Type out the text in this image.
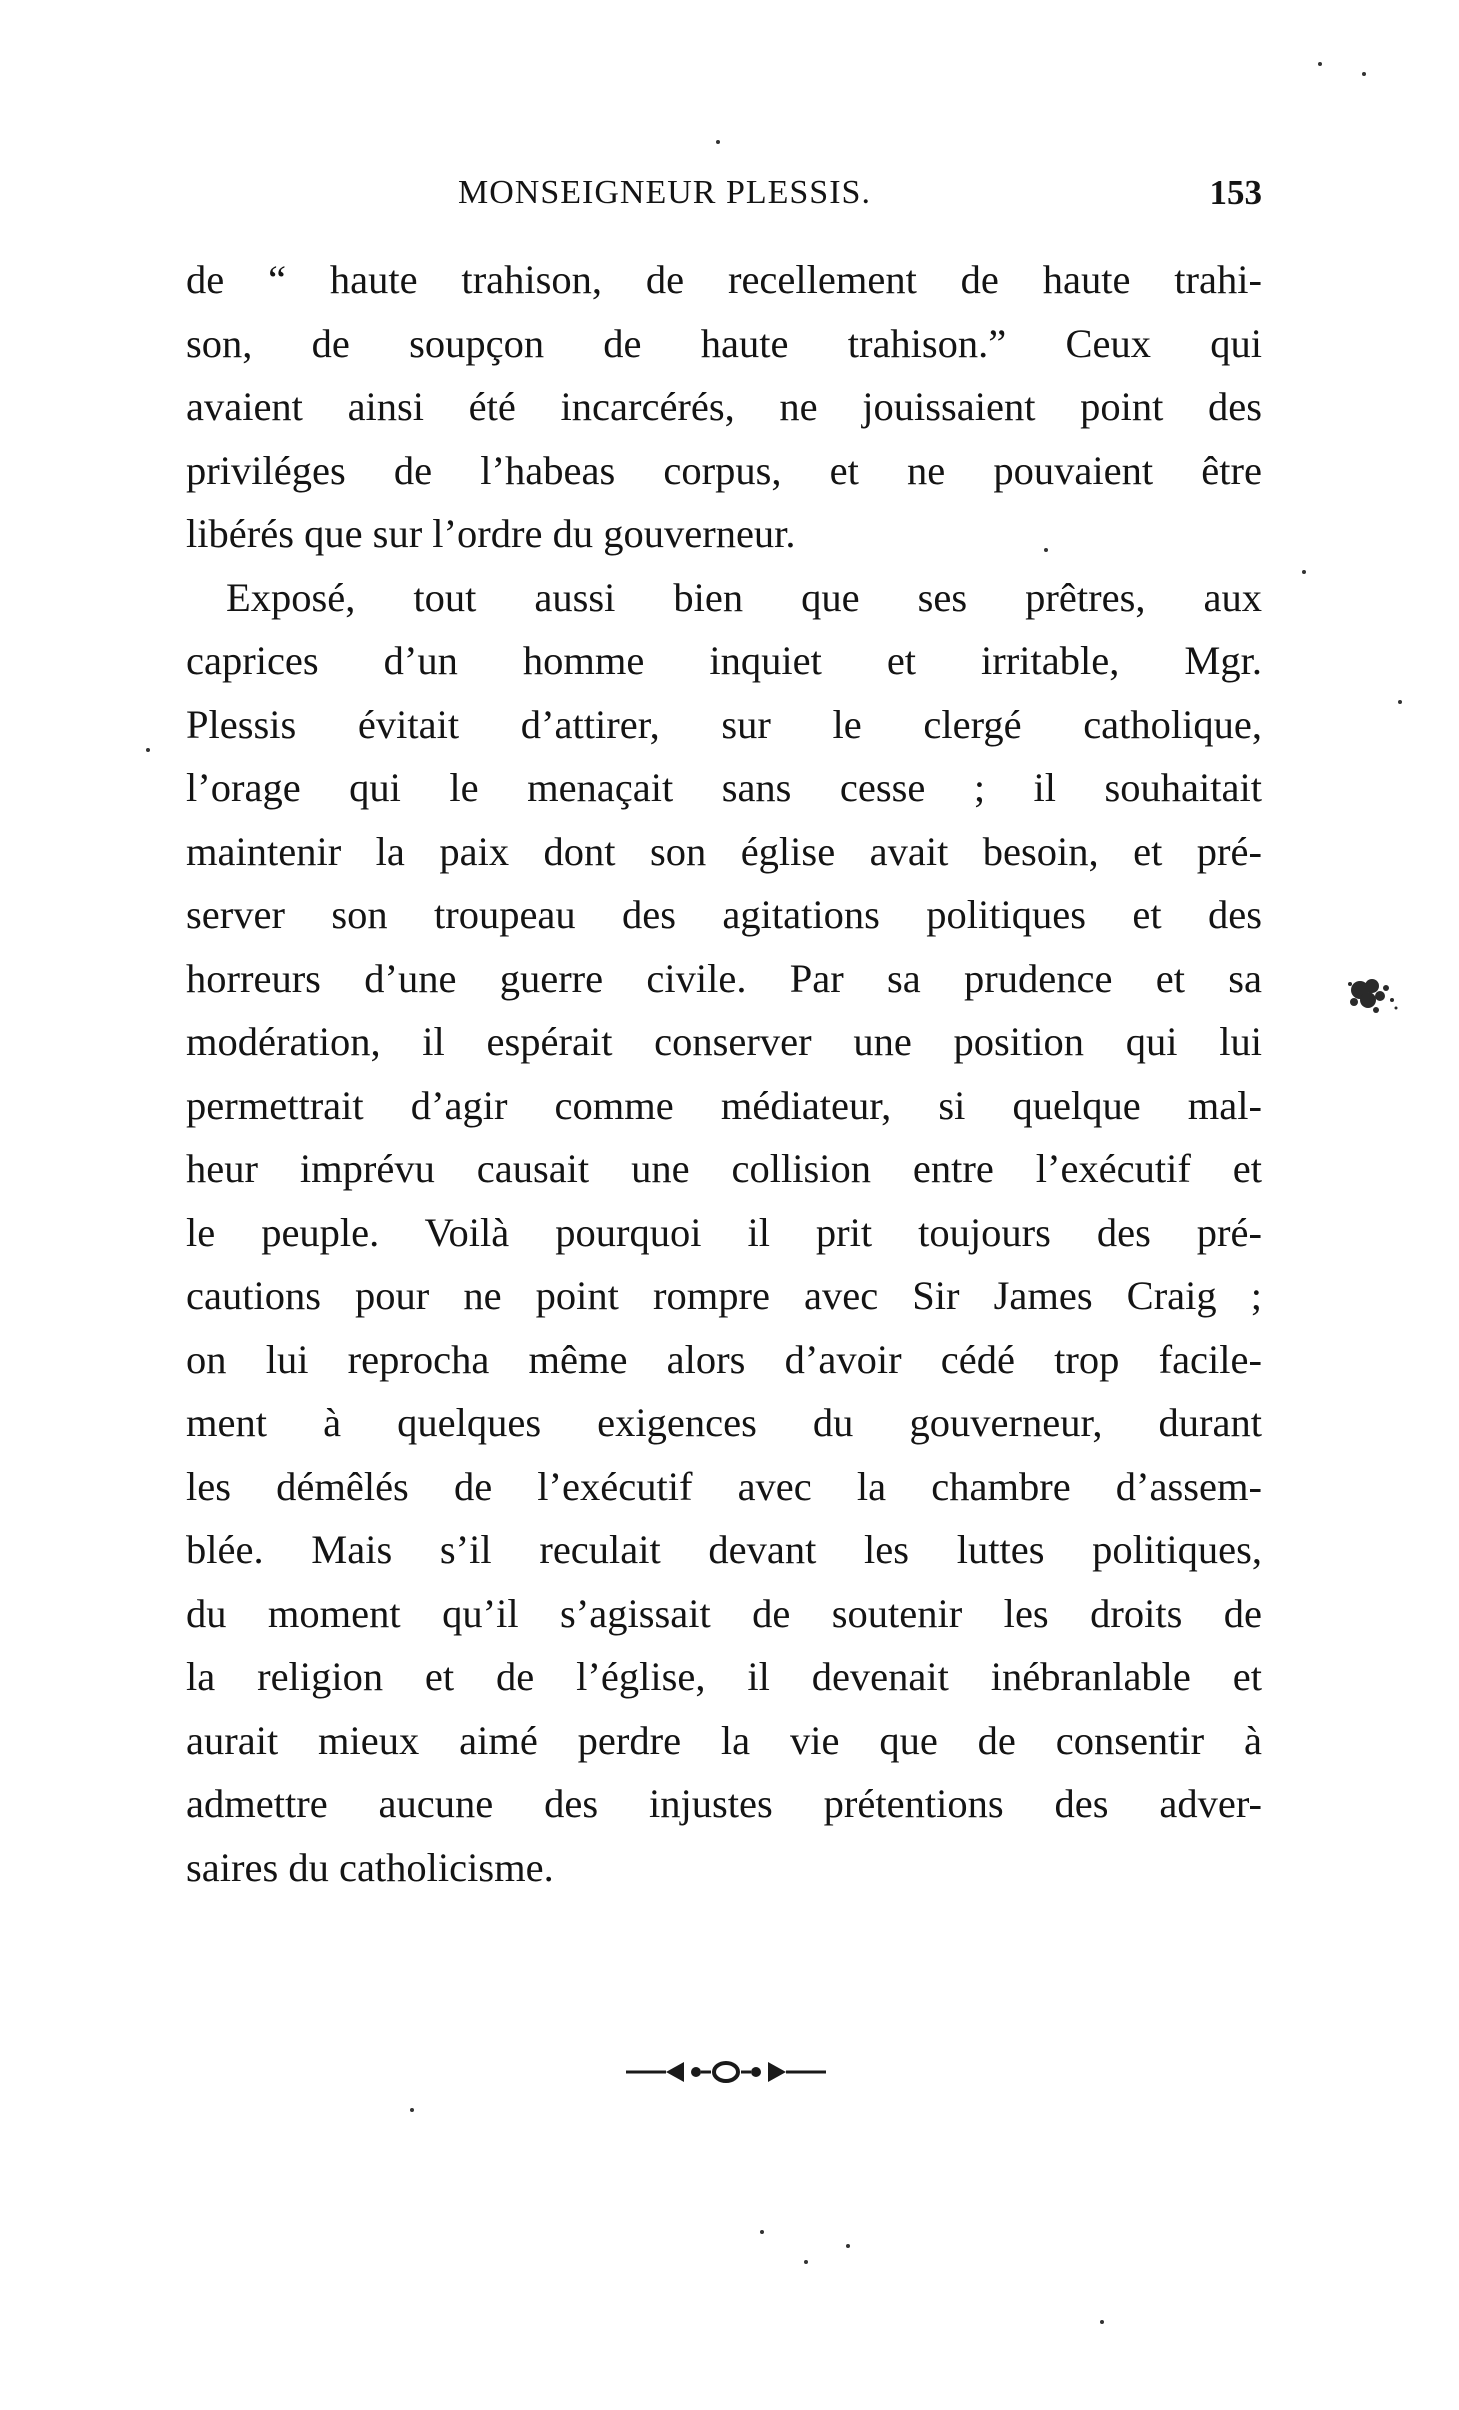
MONSEIGNEUR PLESSIS.	153
de “ haute trahison, de recellement de haute trahi-
son, de soupçon de haute trahison.” Ceux qui
avaient ainsi été incarcérés, ne jouissaient point des
priviléges de l’habeas corpus, et ne pouvaient être
libérés que sur l’ordre du gouverneur.
Exposé, tout aussi bien que ses prêtres, aux
caprices d’un homme inquiet et irritable, Mgr.
Plessis évitait d’attirer, sur le clergé catholique,
l’orage qui le menaçait sans cesse ; il souhaitait
maintenir la paix dont son église avait besoin, et pré-
server son troupeau des agitations politiques et des
horreurs d’une guerre civile. Par sa prudence et sa
modération, il espérait conserver une position qui lui
permettrait d’agir comme médiateur, si quelque mal-
heur imprévu causait une collision entre l’exécutif et
le peuple. Voilà pourquoi il prit toujours des pré-
cautions pour ne point rompre avec Sir James Craig ;
on lui reprocha même alors d’avoir cédé trop facile-
ment à quelques exigences du gouverneur, durant
les démêlés de l’exécutif avec la chambre d’assem-
blée. Mais s’il reculait devant les luttes politiques,
du moment qu’il s’agissait de soutenir les droits de
la religion et de l’église, il devenait inébranlable et
aurait mieux aimé perdre la vie que de consentir à
admettre aucune des injustes prétentions des adver-
saires du catholicisme.
